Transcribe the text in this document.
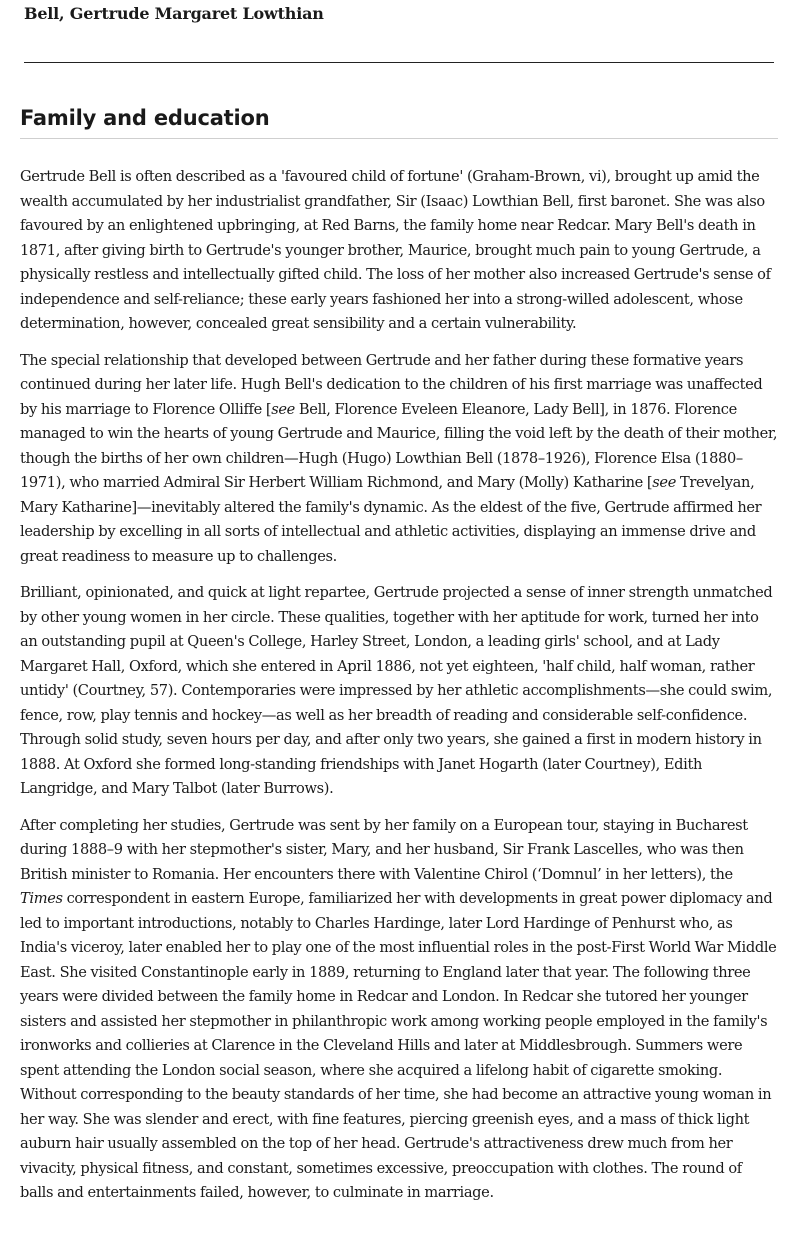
Bell, Gertrude Margaret Lowthian
Family and education

Gertrude Bell is often described as a 'favoured child of fortune' (Graham-Brown, vi), brought up amid the wealth accumulated by her industrialist grandfather, Sir (Isaac) Lowthian Bell, first baronet. She was also favoured by an enlightened upbringing, at Red Barns, the family home near Redcar. Mary Bell's death in 1871, after giving birth to Gertrude's younger brother, Maurice, brought much pain to young Gertrude, a physically restless and intellectually gifted child. The loss of her mother also increased Gertrude's sense of independence and self-reliance; these early years fashioned her into a strong-willed adolescent, whose determination, however, concealed great sensibility and a certain vulnerability.

The special relationship that developed between Gertrude and her father during these formative years continued during her later life. Hugh Bell's dedication to the children of his first marriage was unaffected by his marriage to Florence Olliffe [see Bell, Florence Eveleen Eleanore, Lady Bell], in 1876. Florence managed to win the hearts of young Gertrude and Maurice, filling the void left by the death of their mother, though the births of her own children—Hugh (Hugo) Lowthian Bell (1878–1926), Florence Elsa (1880–1971), who married Admiral Sir Herbert William Richmond, and Mary (Molly) Katharine [see Trevelyan, Mary Katharine]—inevitably altered the family's dynamic. As the eldest of the five, Gertrude affirmed her leadership by excelling in all sorts of intellectual and athletic activities, displaying an immense drive and great readiness to measure up to challenges.

Brilliant, opinionated, and quick at light repartee, Gertrude projected a sense of inner strength unmatched by other young women in her circle. These qualities, together with her aptitude for work, turned her into an outstanding pupil at Queen's College, Harley Street, London, a leading girls' school, and at Lady Margaret Hall, Oxford, which she entered in April 1886, not yet eighteen, 'half child, half woman, rather untidy' (Courtney, 57). Contemporaries were impressed by her athletic accomplishments—she could swim, fence, row, play tennis and hockey—as well as her breadth of reading and considerable self-confidence. Through solid study, seven hours per day, and after only two years, she gained a first in modern history in 1888. At Oxford she formed long-standing friendships with Janet Hogarth (later Courtney), Edith Langridge, and Mary Talbot (later Burrows).

After completing her studies, Gertrude was sent by her family on a European tour, staying in Bucharest during 1888–9 with her stepmother's sister, Mary, and her husband, Sir Frank Lascelles, who was then British minister to Romania. Her encounters there with Valentine Chirol (‘Domnul’ in her letters), the Times correspondent in eastern Europe, familiarized her with developments in great power diplomacy and led to important introductions, notably to Charles Hardinge, later Lord Hardinge of Penhurst who, as India's viceroy, later enabled her to play one of the most influential roles in the post-First World War Middle East. She visited Constantinople early in 1889, returning to England later that year. The following three years were divided between the family home in Redcar and London. In Redcar she tutored her younger sisters and assisted her stepmother in philanthropic work among working people employed in the family's ironworks and collieries at Clarence in the Cleveland Hills and later at Middlesbrough. Summers were spent attending the London social season, where she acquired a lifelong habit of cigarette smoking. Without corresponding to the beauty standards of her time, she had become an attractive young woman in her way. She was slender and erect, with fine features, piercing greenish eyes, and a mass of thick light auburn hair usually assembled on the top of her head. Gertrude's attractiveness drew much from her vivacity, physical fitness, and constant, sometimes excessive, preoccupation with clothes. The round of balls and entertainments failed, however, to culminate in marriage.
